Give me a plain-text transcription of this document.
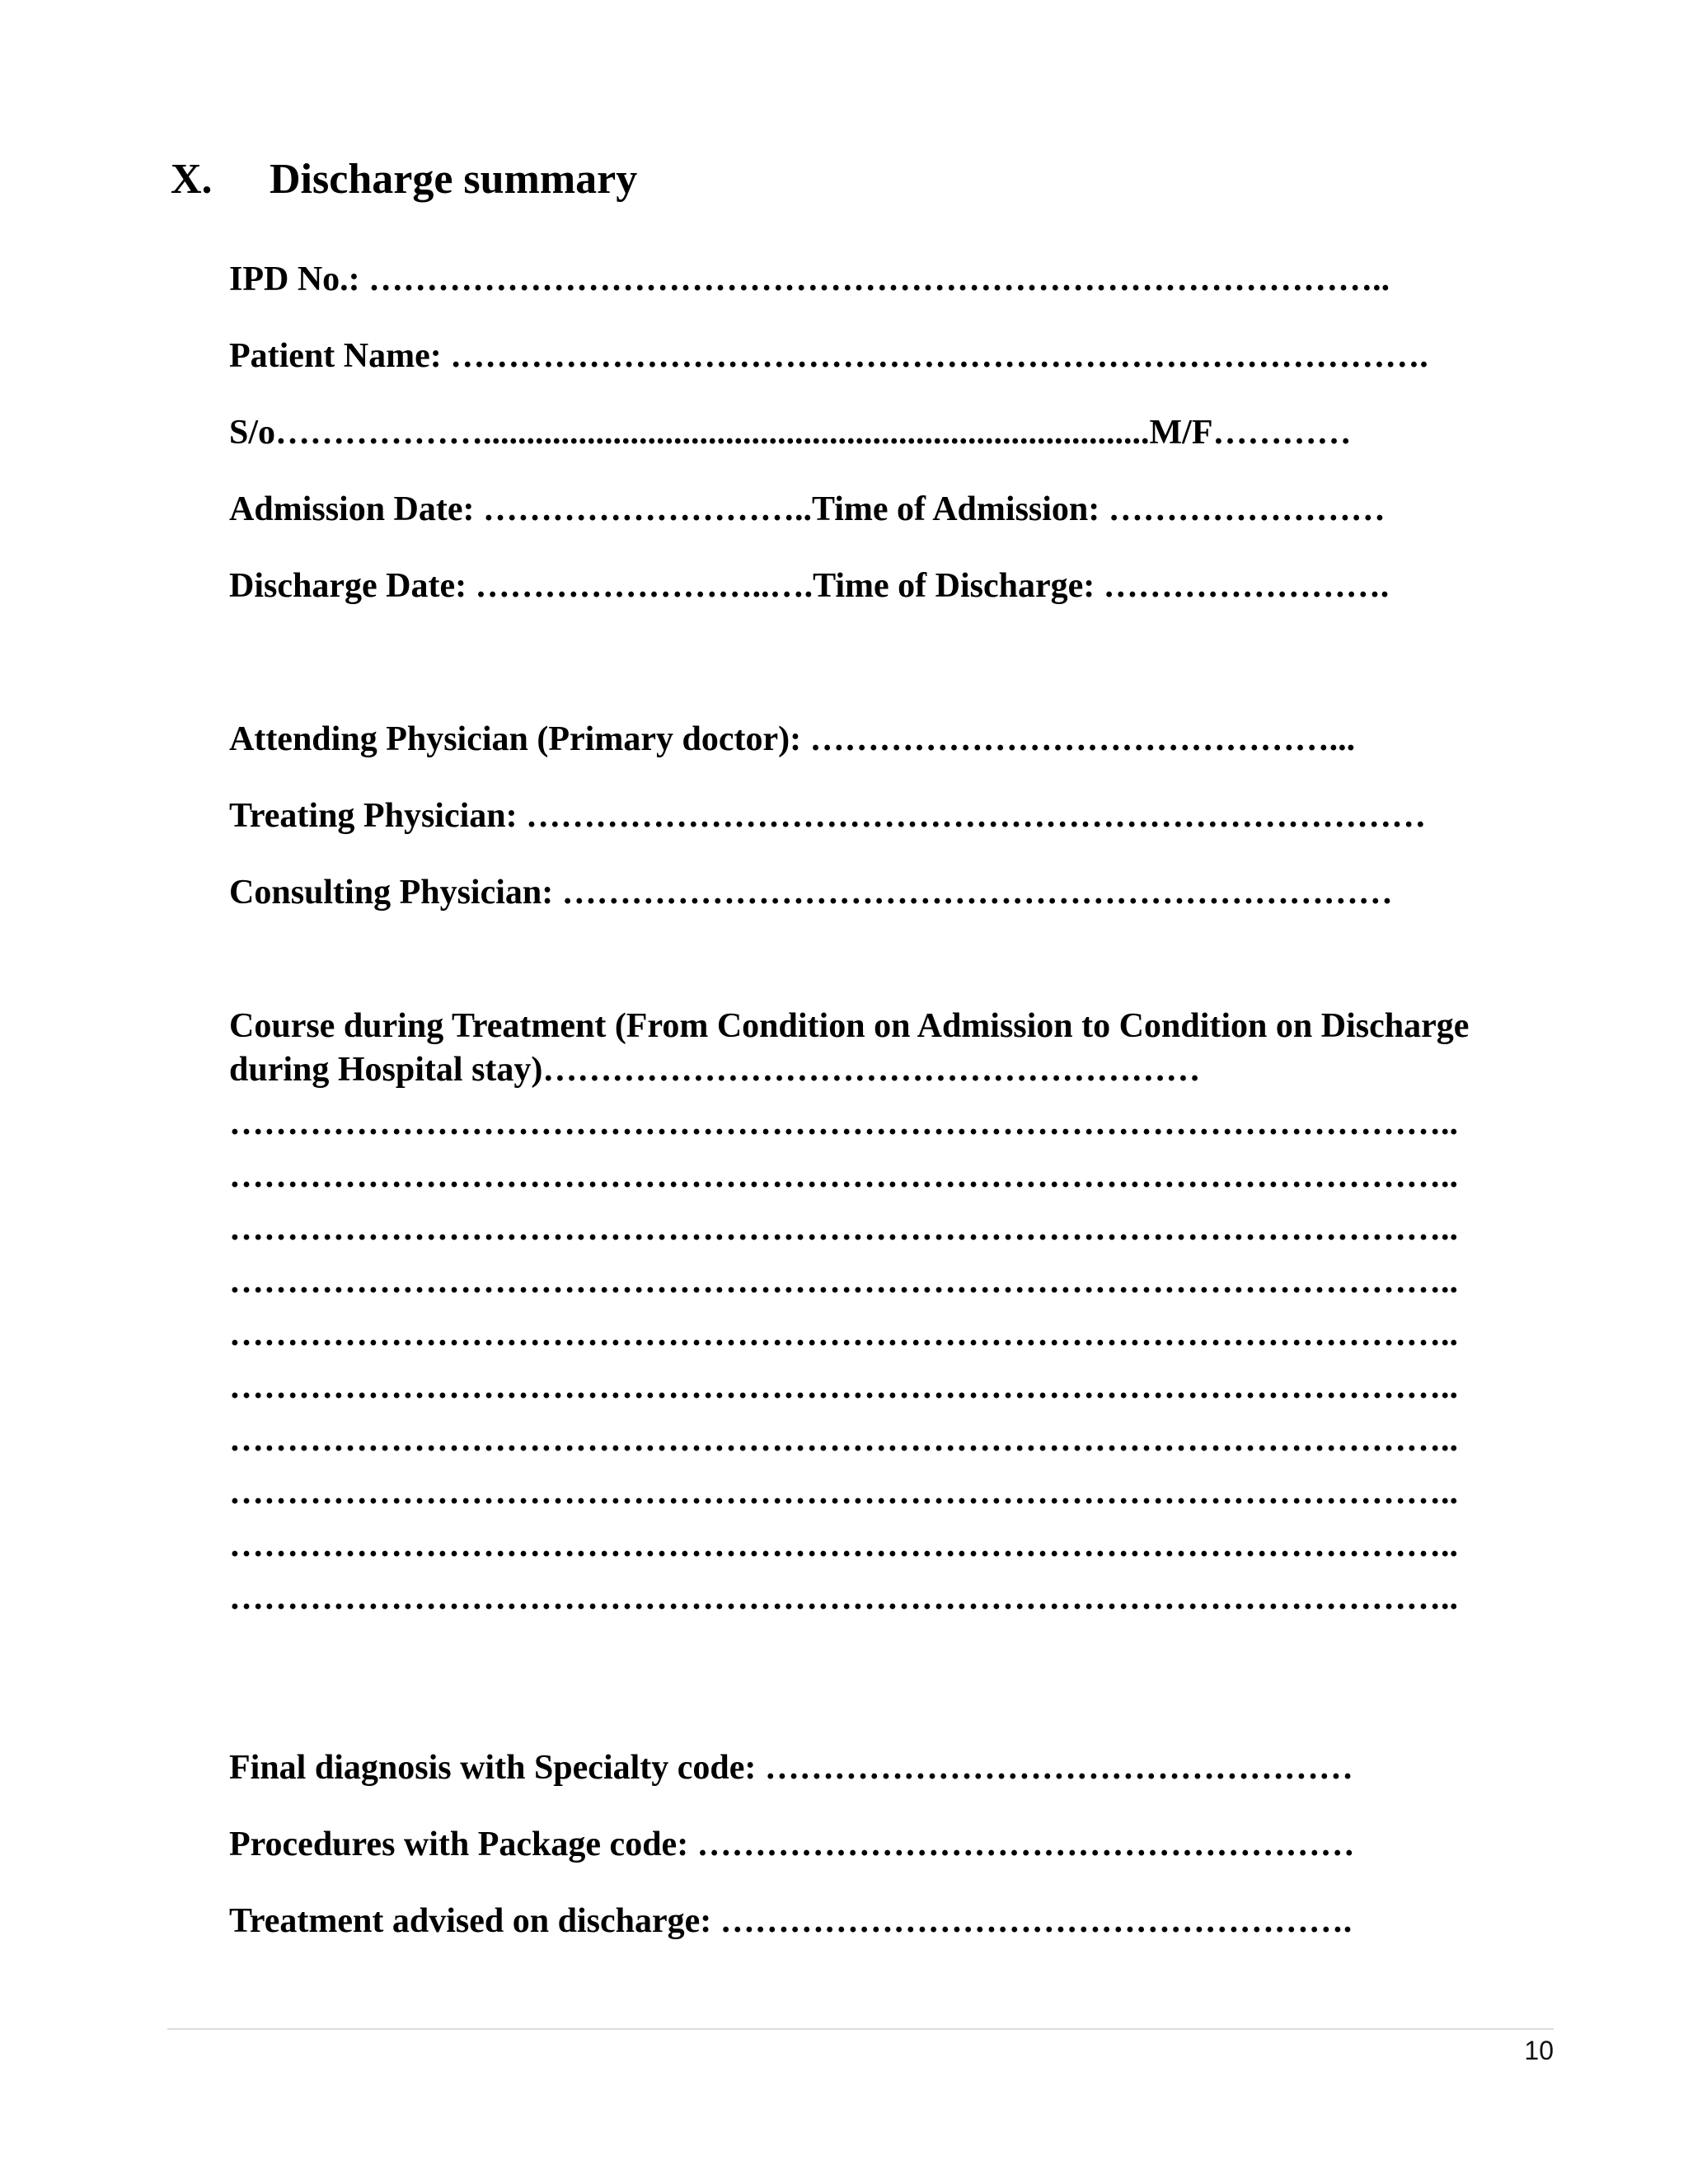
X. Discharge summary
IPD No.: ……………………………………………………………………………..
Patient Name: ………………………………………………………………………….
S/o……………….............................................................................M/F…………
Admission Date: ………………………..Time of Admission: ……………………
Discharge Date: ……………………..….Time of Discharge: …………………….
Attending Physician (Primary doctor): ………………………………………...
Treating Physician: ……………………………………………………………………
Consulting Physician: ………………………………………………………………
Course during Treatment (From Condition on Admission to Condition on Discharge during Hospital stay)…………………………………………………
……………………………………………………………………………………………..
……………………………………………………………………………………………..
……………………………………………………………………………………………..
……………………………………………………………………………………………..
……………………………………………………………………………………………..
……………………………………………………………………………………………..
……………………………………………………………………………………………..
……………………………………………………………………………………………..
……………………………………………………………………………………………..
……………………………………………………………………………………………..
Final diagnosis with Specialty code: ……………………………………………
Procedures with Package code: …………………………………………………
Treatment advised on discharge: ……………………………………………….
10
